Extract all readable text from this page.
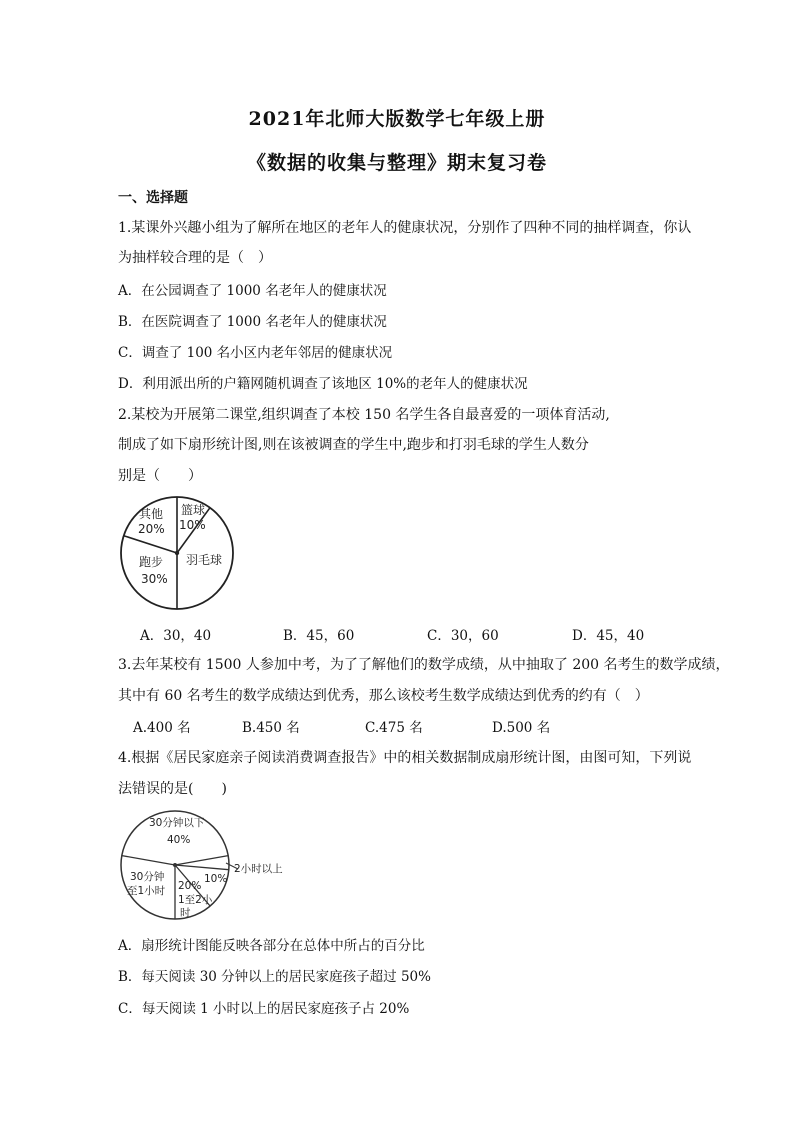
2021年北师大版数学七年级上册
《数据的收集与整理》期末复习卷
一、选择题
1.某课外兴趣小组为了解所在地区的老年人的健康状况，分别作了四种不同的抽样调查，你认
为抽样较合理的是（　）
A．在公园调查了 1000 名老年人的健康状况
B．在医院调查了 1000 名老年人的健康状况
C．调查了 100 名小区内老年邻居的健康状况
D．利用派出所的户籍网随机调查了该地区 10%的老年人的健康状况
2.某校为开展第二课堂,组织调查了本校 150 名学生各自最喜爱的一项体育活动,
制成了如下扇形统计图,则在该被调查的学生中,跑步和打羽毛球的学生人数分
别是（　　）
篮球
10%
羽毛球
跑步
30%
其他
20%
A．30，40	B．45，60	C．30，60	D．45，40
3.去年某校有 1500 人参加中考，为了了解他们的数学成绩，从中抽取了 200 名考生的数学成绩，
其中有 60 名考生的数学成绩达到优秀，那么该校考生数学成绩达到优秀的约有（　）
A.400 名	B.450 名	C.475 名	D.500 名
4.根据《居民家庭亲子阅读消费调查报告》中的相关数据制成扇形统计图，由图可知，下列说
法错误的是(　　)
30分钟以下
40%
2小时以上
10%
20%
1至2小
时
30分钟
至1小时
A．扇形统计图能反映各部分在总体中所占的百分比
B．每天阅读 30 分钟以上的居民家庭孩子超过 50%
C．每天阅读 1 小时以上的居民家庭孩子占 20%
